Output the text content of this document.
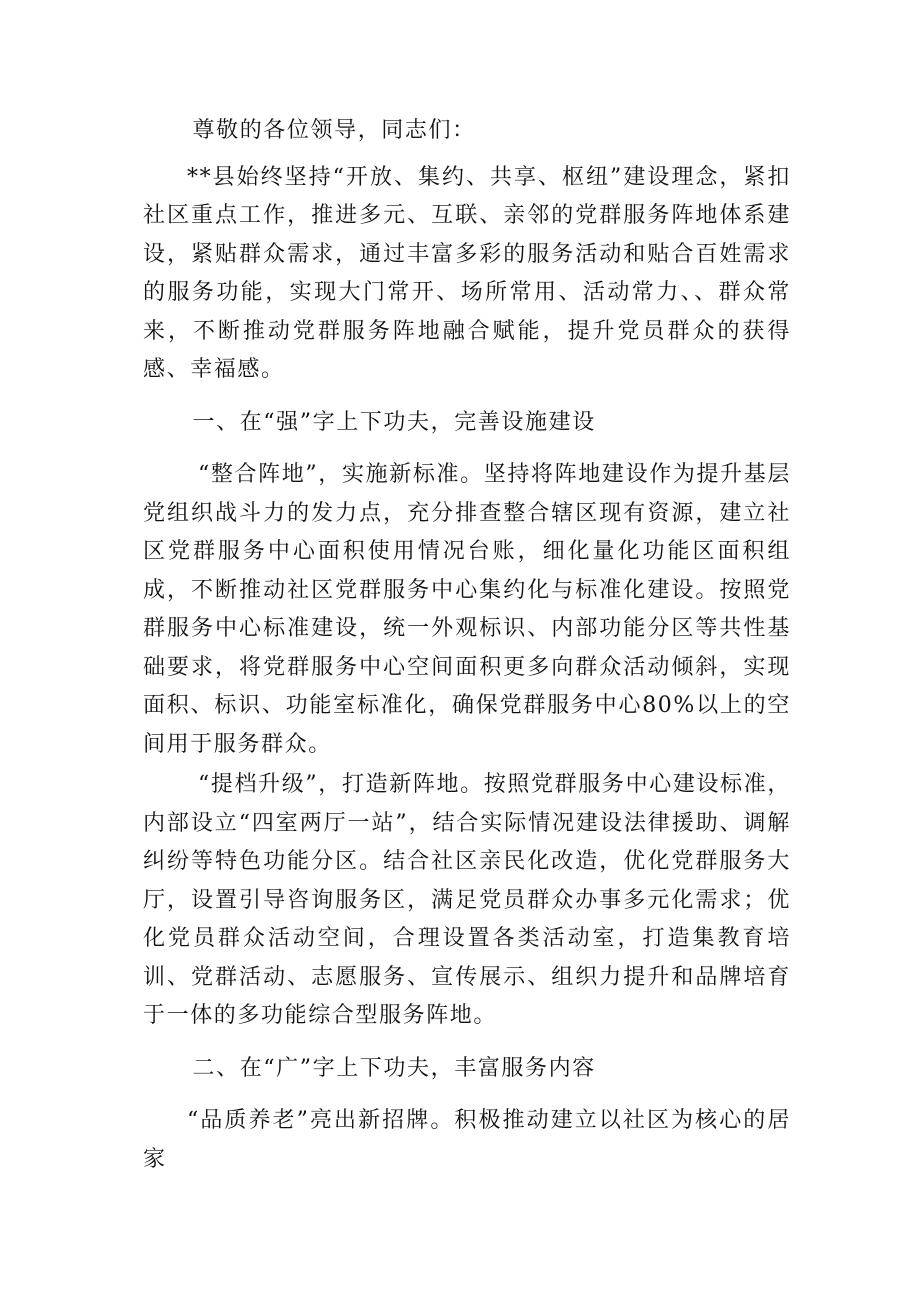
尊敬的各位领导，同志们：

**县始终坚持“开放、集约、共享、枢纽”建设理念，紧扣社区重点工作，推进多元、互联、亲邻的党群服务阵地体系建设，紧贴群众需求，通过丰富多彩的服务活动和贴合百姓需求的服务功能，实现大门常开、场所常用、活动常力、、群众常来，不断推动党群服务阵地融合赋能，提升党员群众的获得感、幸福感。

一、在“强”字上下功夫，完善设施建设

“整合阵地”，实施新标准。坚持将阵地建设作为提升基层党组织战斗力的发力点，充分排查整合辖区现有资源，建立社区党群服务中心面积使用情况台账，细化量化功能区面积组成，不断推动社区党群服务中心集约化与标准化建设。按照党群服务中心标准建设，统一外观标识、内部功能分区等共性基础要求，将党群服务中心空间面积更多向群众活动倾斜，实现面积、标识、功能室标准化，确保党群服务中心80%以上的空间用于服务群众。

“提档升级”，打造新阵地。按照党群服务中心建设标准，内部设立“四室两厅一站”，结合实际情况建设法律援助、调解纠纷等特色功能分区。结合社区亲民化改造，优化党群服务大厅，设置引导咨询服务区，满足党员群众办事多元化需求；优化党员群众活动空间，合理设置各类活动室，打造集教育培训、党群活动、志愿服务、宣传展示、组织力提升和品牌培育于一体的多功能综合型服务阵地。

二、在“广”字上下功夫，丰富服务内容

“品质养老”亮出新招牌。积极推动建立以社区为核心的居家
